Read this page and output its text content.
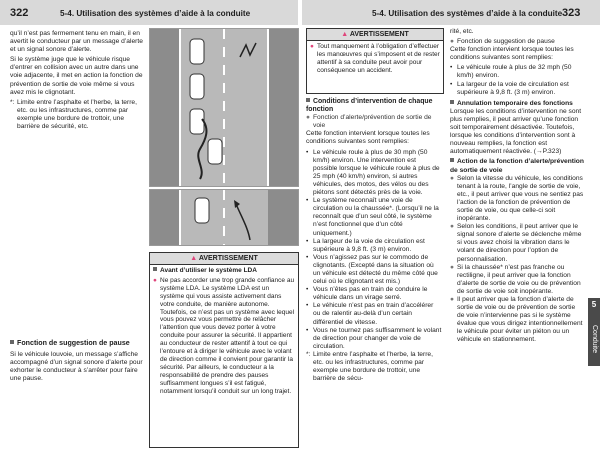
322	5-4. Utilisation des systèmes d’aide à la conduite	5-4. Utilisation des systèmes d’aide à la conduite 323
5
Conduite

qu’il n’est pas fermement tenu en main, il en avertit le conducteur par un message d’alerte et un signal sonore d’alerte.

Si le système juge que le véhicule risque d’entrer en collision avec un autre dans une voie adjacente, il met en action la fonction de prévention de sortie de voie même si vous avez mis le clignotant.

*: Limite entre l’asphalte et l’herbe, la terre, etc. ou les infrastructures, comme par exemple une bordure de trottoir, une barrière de sécurité, etc.
Fonction de suggestion de pause

Si le véhicule louvoie, un message s’affiche accompagné d’un signal sonore d’alerte pour exhorter le conducteur à s’arrêter pour faire une pause.

▲ AVERTISSEMENT
Avant d’utiliser le système LDA
● Ne pas accorder une trop grande confiance au système LDA. Le système LDA est un système qui vous assiste activement dans votre conduite, de manière autonome. Toutefois, ce n’est pas un système avec lequel vous pouvez vous permettre de relâcher l’attention que vous devez porter à votre conduite pour assurer la sécurité. Il appartient au conducteur de rester attentif à tout ce qui l’entoure et à diriger le véhicule avec le volant de direction comme il convient pour garantir la sécurité. Par ailleurs, le conducteur a la responsabilité de prendre des pauses suffisamment longues s’il est fatigué, notamment lorsqu’il conduit sur un long trajet.
▲ AVERTISSEMENT
● Tout manquement à l’obligation d’effectuer les manœuvres qui s’imposent et de rester attentif à sa conduite peut avoir pour conséquence un accident.
Conditions d’intervention de chaque fonction
● Fonction d’alerte/prévention de sortie de voie

Cette fonction intervient lorsque toutes les conditions suivantes sont remplies:

• Le véhicule roule à plus de 30 mph (50 km/h) environ. Une intervention est possible lorsque le véhicule roule à plus de 25 mph (40 km/h) environ, si autres véhicules, des motos, des vélos ou des piétons sont détectés près de la voie.
• Le système reconnaît une voie de circulation ou la chaussée*. (Lorsqu’il ne la reconnaît que d’un seul côté, le système n’est fonctionnel que d’un côté uniquement.)
• La largeur de la voie de circulation est supérieure à 9,8 ft. (3 m) environ.
• Vous n’agissez pas sur le commodo de clignotants. (Excepté dans la situation où un véhicule est détecté du même côté que celui où le clignotant est mis.)
• Vous n’êtes pas en train de conduire le véhicule dans un virage serré.
• Le véhicule n’est pas en train d’accélérer ou de ralentir au-delà d’un certain différentiel de vitesse.
• Vous ne tournez pas suffisamment le volant de direction pour changer de voie de circulation.
*: Limite entre l’asphalte et l’herbe, la terre, etc. ou les infrastructures, comme par exemple une bordure de trottoir, une barrière de sécu-

rité, etc.

● Fonction de suggestion de pause

Cette fonction intervient lorsque toutes les conditions suivantes sont remplies:

• Le véhicule roule à plus de 32 mph (50 km/h) environ.
• La largeur de la voie de circulation est supérieure à 9,8 ft. (3 m) environ.
Annulation temporaire des fonctions

Lorsque les conditions d’intervention ne sont plus remplies, il peut arriver qu’une fonction soit temporairement désactivée. Toutefois, lorsque les conditions d’intervention sont à nouveau remplies, la fonction est automatiquement réactivée. (→P.323)

Action de la fonction d’alerte/prévention de sortie de voie
● Selon la vitesse du véhicule, les conditions tenant à la route, l’angle de sortie de voie, etc., il peut arriver que vous ne sentiez pas l’action de la fonction de prévention de sortie de voie, ou que celle-ci soit inopérante.
● Selon les conditions, il peut arriver que le signal sonore d’alerte se déclenche même si vous avez choisi la vibration dans le volant de direction pour l’option de personnalisation.
● Si la chaussée* n’est pas franche ou rectiligne, il peut arriver que la fonction d’alerte de sortie de voie ou de prévention de sortie de voie soit inopérante.
● Il peut arriver que la fonction d’alerte de sortie de voie ou de prévention de sortie de voie n’intervienne pas si le système évalue que vous dirigez intentionnellement le véhicule pour éviter un piéton ou un véhicule en stationnement.
